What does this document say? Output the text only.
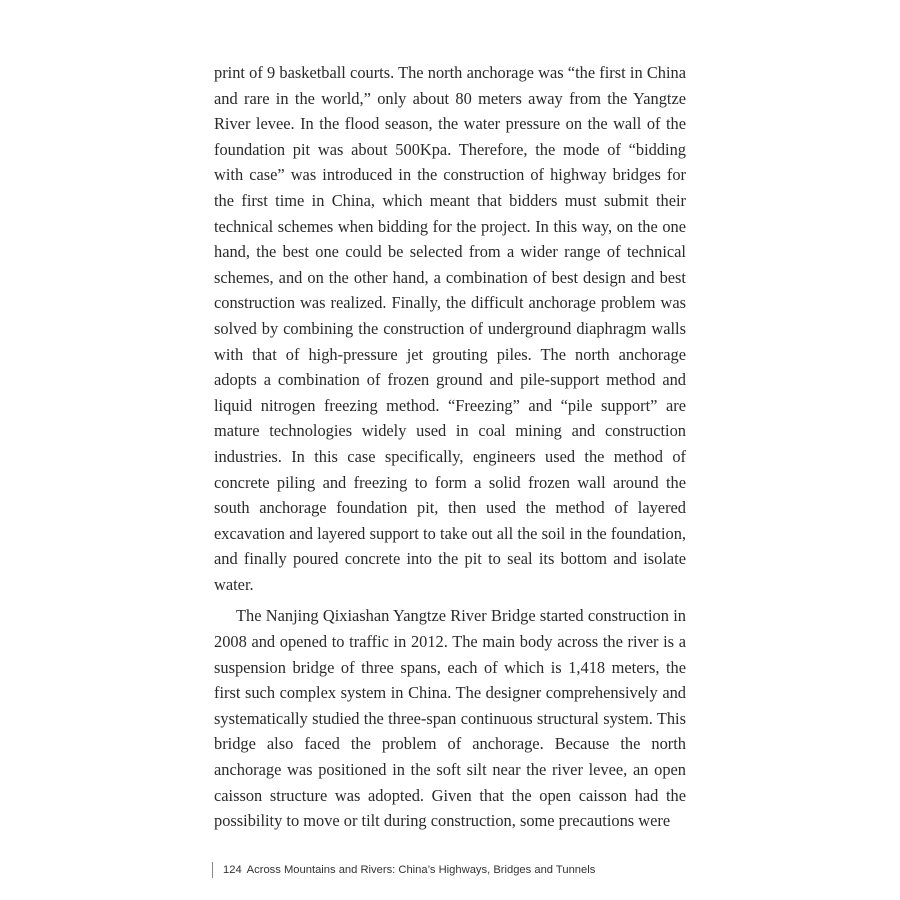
print of 9 basketball courts. The north anchorage was “the first in China and rare in the world,” only about 80 meters away from the Yangtze River levee. In the flood season, the water pressure on the wall of the foundation pit was about 500Kpa. Therefore, the mode of “bidding with case” was introduced in the construction of highway bridges for the first time in China, which meant that bidders must submit their technical schemes when bidding for the project. In this way, on the one hand, the best one could be selected from a wider range of technical schemes, and on the other hand, a combination of best design and best construction was realized. Finally, the difficult anchorage problem was solved by combining the construction of underground diaphragm walls with that of high-pressure jet grouting piles. The north anchorage adopts a combination of frozen ground and pile-support method and liquid nitrogen freezing method. “Freezing” and “pile support” are mature technologies widely used in coal mining and construction industries. In this case specifically, engineers used the method of concrete piling and freezing to form a solid frozen wall around the south anchorage foundation pit, then used the method of layered excavation and layered support to take out all the soil in the foundation, and finally poured concrete into the pit to seal its bottom and isolate water.

The Nanjing Qixiashan Yangtze River Bridge started construction in 2008 and opened to traffic in 2012. The main body across the river is a suspension bridge of three spans, each of which is 1,418 meters, the first such complex system in China. The designer comprehensively and systematically studied the three-span continuous structural system. This bridge also faced the problem of anchorage. Because the north anchorage was positioned in the soft silt near the river levee, an open caisson structure was adopted. Given that the open caisson had the possibility to move or tilt during construction, some precautions were

124 Across Mountains and Rivers: China’s Highways, Bridges and Tunnels
